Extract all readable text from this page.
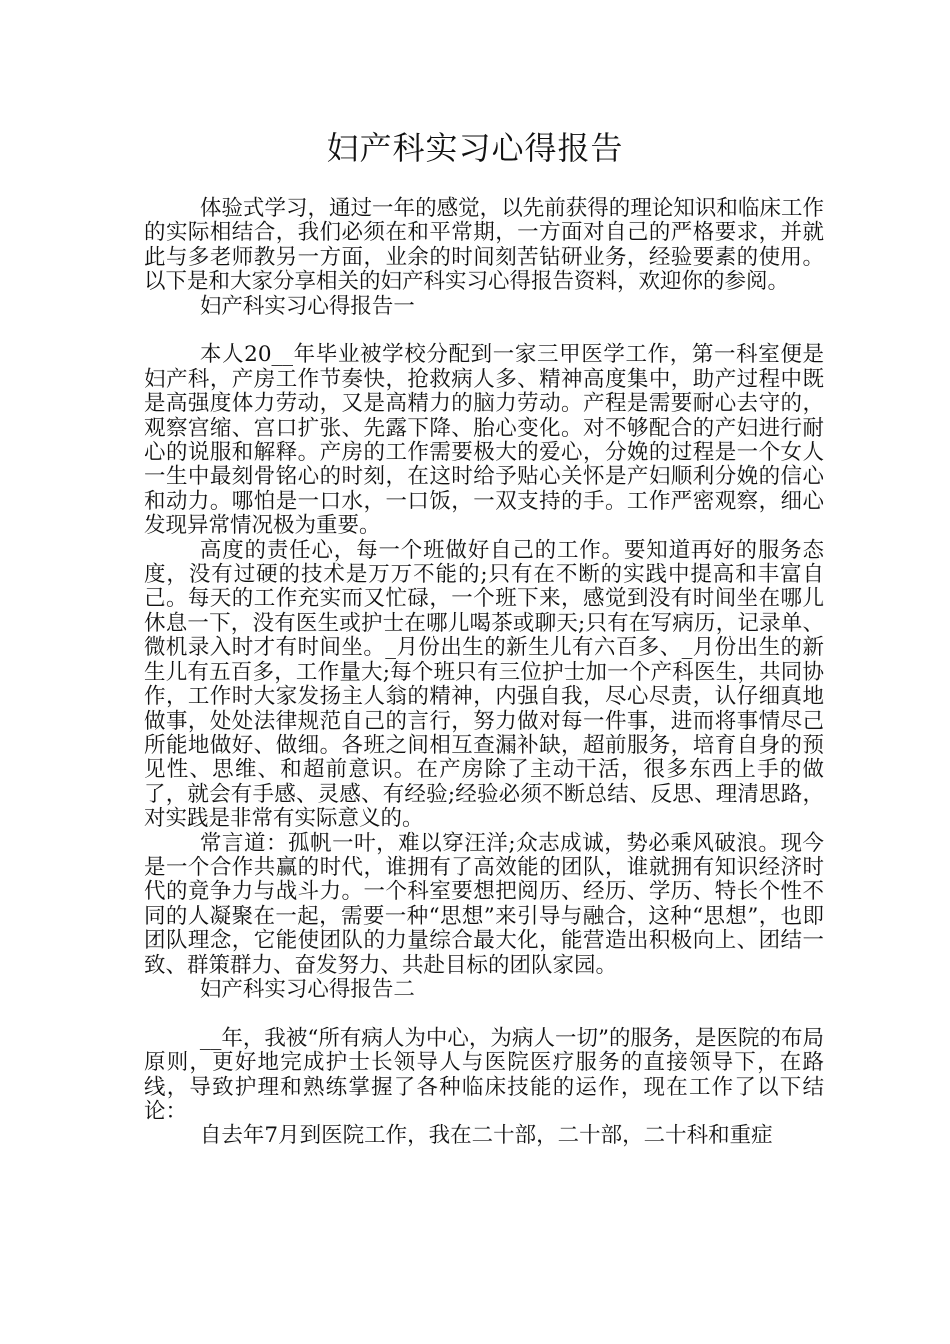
妇产科实习心得报告

体验式学习，通过一年的感觉，以先前获得的理论知识和临床工作的实际相结合，我们必须在和平常期，一方面对自己的严格要求，并就此与多老师教另一方面，业余的时间刻苦钻研业务，经验要素的使用。以下是和大家分享相关的妇产科实习心得报告资料，欢迎你的参阅。

妇产科实习心得报告一

本人20__年毕业被学校分配到一家三甲医学工作，第一科室便是妇产科，产房工作节奏快，抢救病人多、精神高度集中，助产过程中既是高强度体力劳动，又是高精力的脑力劳动。产程是需要耐心去守的，观察宫缩、宫口扩张、先露下降、胎心变化。对不够配合的产妇进行耐心的说服和解释。产房的工作需要极大的爱心，分娩的过程是一个女人一生中最刻骨铭心的时刻，在这时给予贴心关怀是产妇顺利分娩的信心和动力。哪怕是一口水，一口饭，一双支持的手。工作严密观察，细心发现异常情况极为重要。

高度的责任心，每一个班做好自己的工作。要知道再好的服务态度，没有过硬的技术是万万不能的;只有在不断的实践中提高和丰富自己。每天的工作充实而又忙碌，一个班下来，感觉到没有时间坐在哪儿休息一下，没有医生或护士在哪儿喝茶或聊天;只有在写病历，记录单、微机录入时才有时间坐。_月份出生的新生儿有六百多、_月份出生的新生儿有五百多，工作量大;每个班只有三位护士加一个产科医生，共同协作，工作时大家发扬主人翁的精神，内强自我，尽心尽责，认仔细真地做事，处处法律规范自己的言行，努力做对每一件事，进而将事情尽己所能地做好、做细。各班之间相互查漏补缺，超前服务，培育自身的预见性、思维、和超前意识。在产房除了主动干活，很多东西上手的做了，就会有手感、灵感、有经验;经验必须不断总结、反思、理清思路，对实践是非常有实际意义的。

常言道：孤帆一叶，难以穿汪洋;众志成诚，势必乘风破浪。现今是一个合作共赢的时代，谁拥有了高效能的团队，谁就拥有知识经济时代的竟争力与战斗力。一个科室要想把阅历、经历、学历、特长个性不同的人凝聚在一起，需要一种“思想”来引导与融合，这种“思想”，也即团队理念，它能使团队的力量综合最大化，能营造出积极向上、团结一致、群策群力、奋发努力、共赴目标的团队家园。

妇产科实习心得报告二

__年，我被“所有病人为中心，为病人一切”的服务，是医院的布局原则，更好地完成护士长领导人与医院医疗服务的直接领导下，在路线，导致护理和熟练掌握了各种临床技能的运作，现在工作了以下结论：

自去年7月到医院工作，我在二十部，二十部，二十科和重症
